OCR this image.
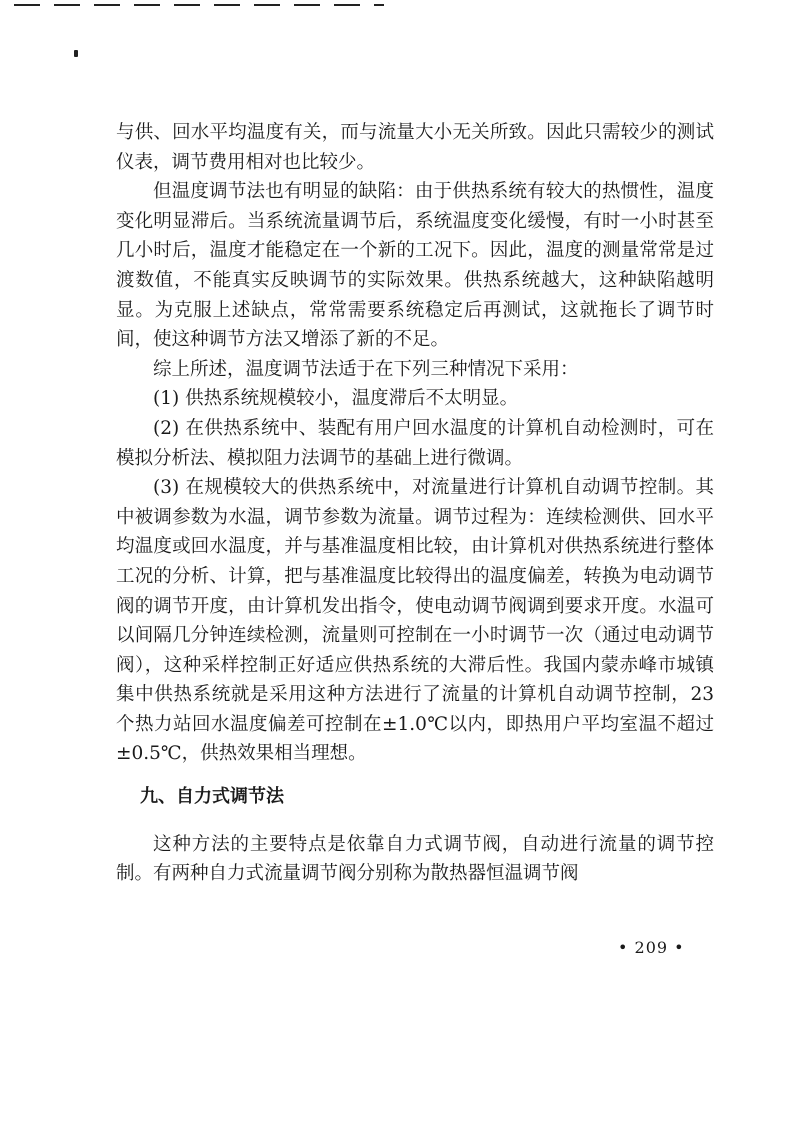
与供、回水平均温度有关，而与流量大小无关所致。因此只需较少的测试仪表，调节费用相对也比较少。

但温度调节法也有明显的缺陷：由于供热系统有较大的热惯性，温度变化明显滞后。当系统流量调节后，系统温度变化缓慢，有时一小时甚至几小时后，温度才能稳定在一个新的工况下。因此，温度的测量常常是过渡数值，不能真实反映调节的实际效果。供热系统越大，这种缺陷越明显。为克服上述缺点，常常需要系统稳定后再测试，这就拖长了调节时间，使这种调节方法又增添了新的不足。

综上所述，温度调节法适于在下列三种情况下采用：

(1) 供热系统规模较小，温度滞后不太明显。

(2) 在供热系统中、装配有用户回水温度的计算机自动检测时，可在模拟分析法、模拟阻力法调节的基础上进行微调。

(3) 在规模较大的供热系统中，对流量进行计算机自动调节控制。其中被调参数为水温，调节参数为流量。调节过程为：连续检测供、回水平均温度或回水温度，并与基准温度相比较，由计算机对供热系统进行整体工况的分析、计算，把与基准温度比较得出的温度偏差，转换为电动调节阀的调节开度，由计算机发出指令，使电动调节阀调到要求开度。水温可以间隔几分钟连续检测，流量则可控制在一小时调节一次（通过电动调节阀），这种采样控制正好适应供热系统的大滞后性。我国内蒙赤峰市城镇集中供热系统就是采用这种方法进行了流量的计算机自动调节控制，23 个热力站回水温度偏差可控制在±1.0℃以内，即热用户平均室温不超过±0.5℃，供热效果相当理想。

九、自力式调节法

这种方法的主要特点是依靠自力式调节阀，自动进行流量的调节控制。有两种自力式流量调节阀分别称为散热器恒温调节阀

• 209 •
